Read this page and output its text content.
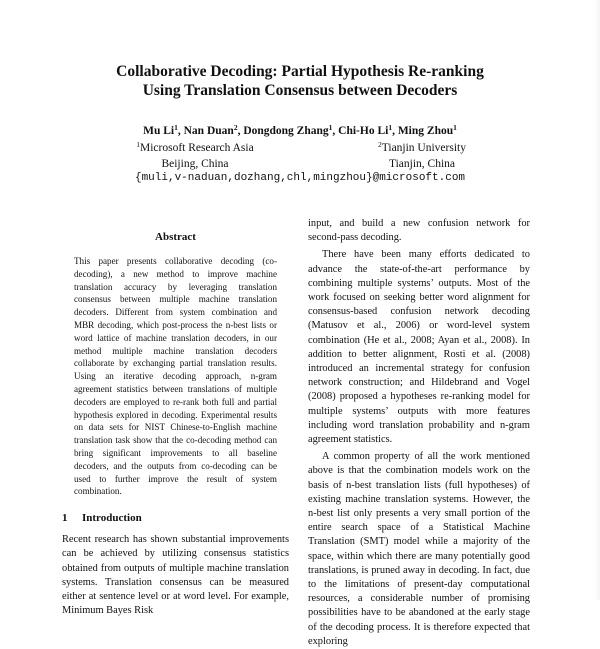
Collaborative Decoding: Partial Hypothesis Re-ranking
Using Translation Consensus between Decoders
Mu Li$^1$, Nan Duan$^2$, Dongdong Zhang$^1$, Chi-Ho Li$^1$, Ming Zhou$^1$
$^1$Microsoft Research Asia
Beijing, China
$^2$Tianjin University
Tianjin, China
{muli,v-naduan,dozhang,chl,mingzhou}@microsoft.com
Abstract

This paper presents collaborative decoding (co-decoding), a new method to improve machine translation accuracy by leveraging translation consensus between multiple machine translation decoders. Different from system combination and MBR decoding, which post-process the n-best lists or word lattice of machine translation decoders, in our method multiple machine translation decoders collaborate by exchanging partial translation results. Using an iterative decoding approach, n-gram agreement statistics between translations of multiple decoders are employed to re-rank both full and partial hypothesis explored in decoding. Experimental results on data sets for NIST Chinese-to-English machine translation task show that the co-decoding method can bring significant improvements to all baseline decoders, and the outputs from co-decoding can be used to further improve the result of system combination.

1 Introduction

Recent research has shown substantial improvements can be achieved by utilizing consensus statistics obtained from outputs of multiple machine translation systems. Translation consensus can be measured either at sentence level or at word level. For example, Minimum Bayes Risk

input, and build a new confusion network for second-pass decoding.

There have been many efforts dedicated to advance the state-of-the-art performance by combining multiple systems’ outputs. Most of the work focused on seeking better word alignment for consensus-based confusion network decoding (Matusov et al., 2006) or word-level system combination (He et al., 2008; Ayan et al., 2008). In addition to better alignment, Rosti et al. (2008) introduced an incremental strategy for confusion network construction; and Hildebrand and Vogel (2008) proposed a hypotheses re-ranking model for multiple systems’ outputs with more features including word translation probability and n-gram agreement statistics.

A common property of all the work mentioned above is that the combination models work on the basis of n-best translation lists (full hypotheses) of existing machine translation systems. However, the n-best list only presents a very small portion of the entire search space of a Statistical Machine Translation (SMT) model while a majority of the space, within which there are many potentially good translations, is pruned away in decoding. In fact, due to the limitations of present-day computational resources, a considerable number of promising possibilities have to be abandoned at the early stage of the decoding process. It is therefore expected that exploring
